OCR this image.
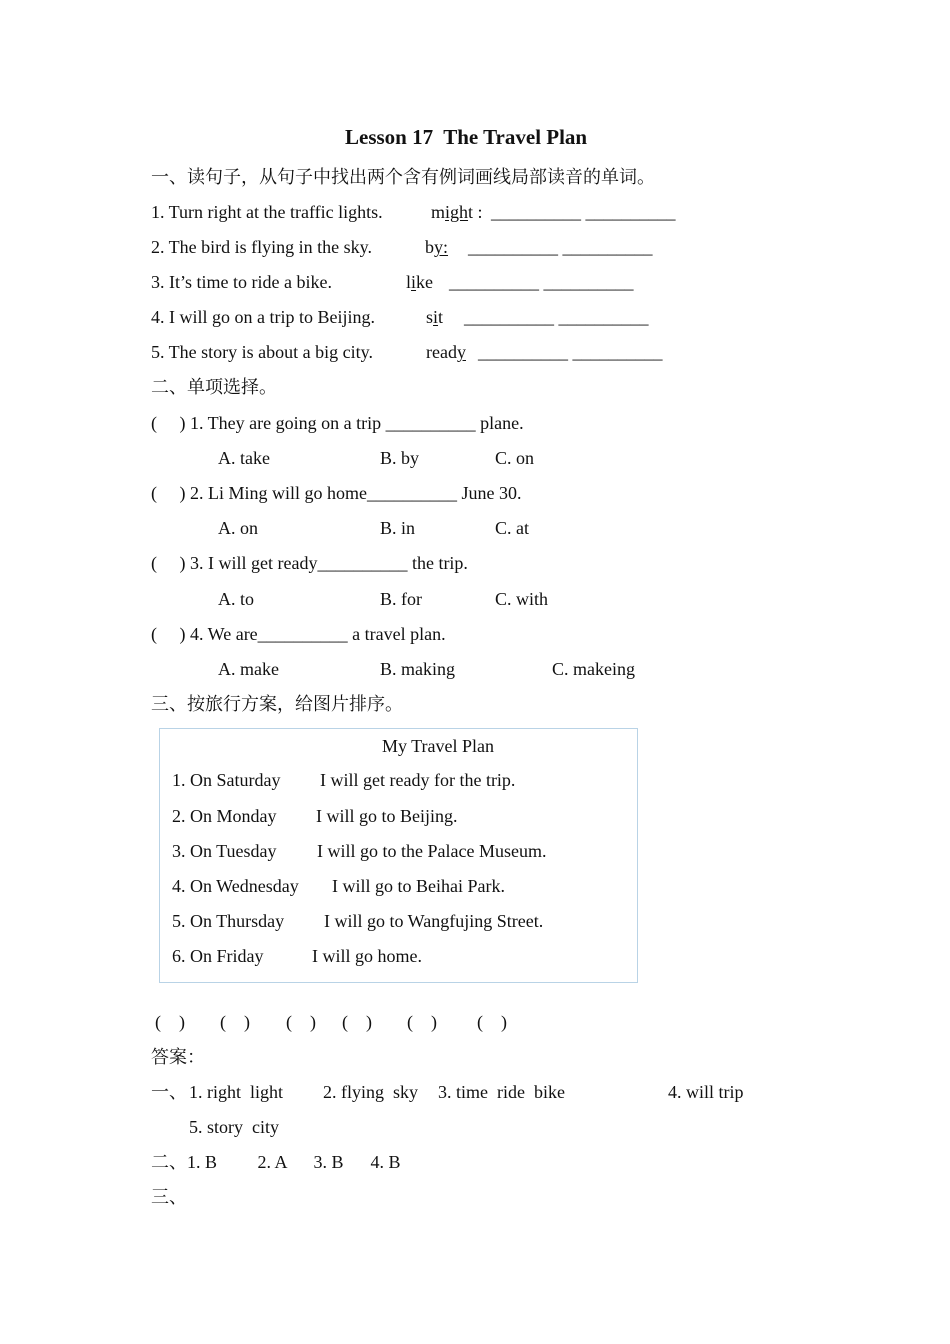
Lesson 17  The Travel Plan
一、读句子，从句子中找出两个含有例词画线局部读音的单词。
1. Turn right at the traffic lights.	might : __________ __________
2. The bird is flying in the sky.	by: __________ __________
3. It’s time to ride a bike.	like __________ __________
4. I will go on a trip to Beijing.	sit __________ __________
5. The story is about a big city.	ready __________ __________
二、单项选择。
(     ) 1. They are going on a trip __________ plane.
A. take	B. by	C. on
(     ) 2. Li Ming will go home__________ June 30.
A. on	B. in	C. at
(     ) 3. I will get ready__________ the trip.
A. to	B. for	C. with
(     ) 4. We are__________ a travel plan.
A. make	B. making	C. makeing
三、按旅行方案，给图片排序。
My Travel Plan
1. On Saturday I will get ready for the trip.
2. On Monday I will go to Beijing.
3. On Tuesday I will go to the Palace Museum.
4. On Wednesday I will go to Beihai Park.
5. On Thursday I will go to Wangfujing Street.
6. On Friday	I will go home.
(    ) (    ) (    ) (    ) (    ) (    )
答案：
一、 1. right  light 2. flying  sky 3. time  ride  bike	4. will trip
5. story  city
二、1. B         2. A      3. B      4. B
三、
